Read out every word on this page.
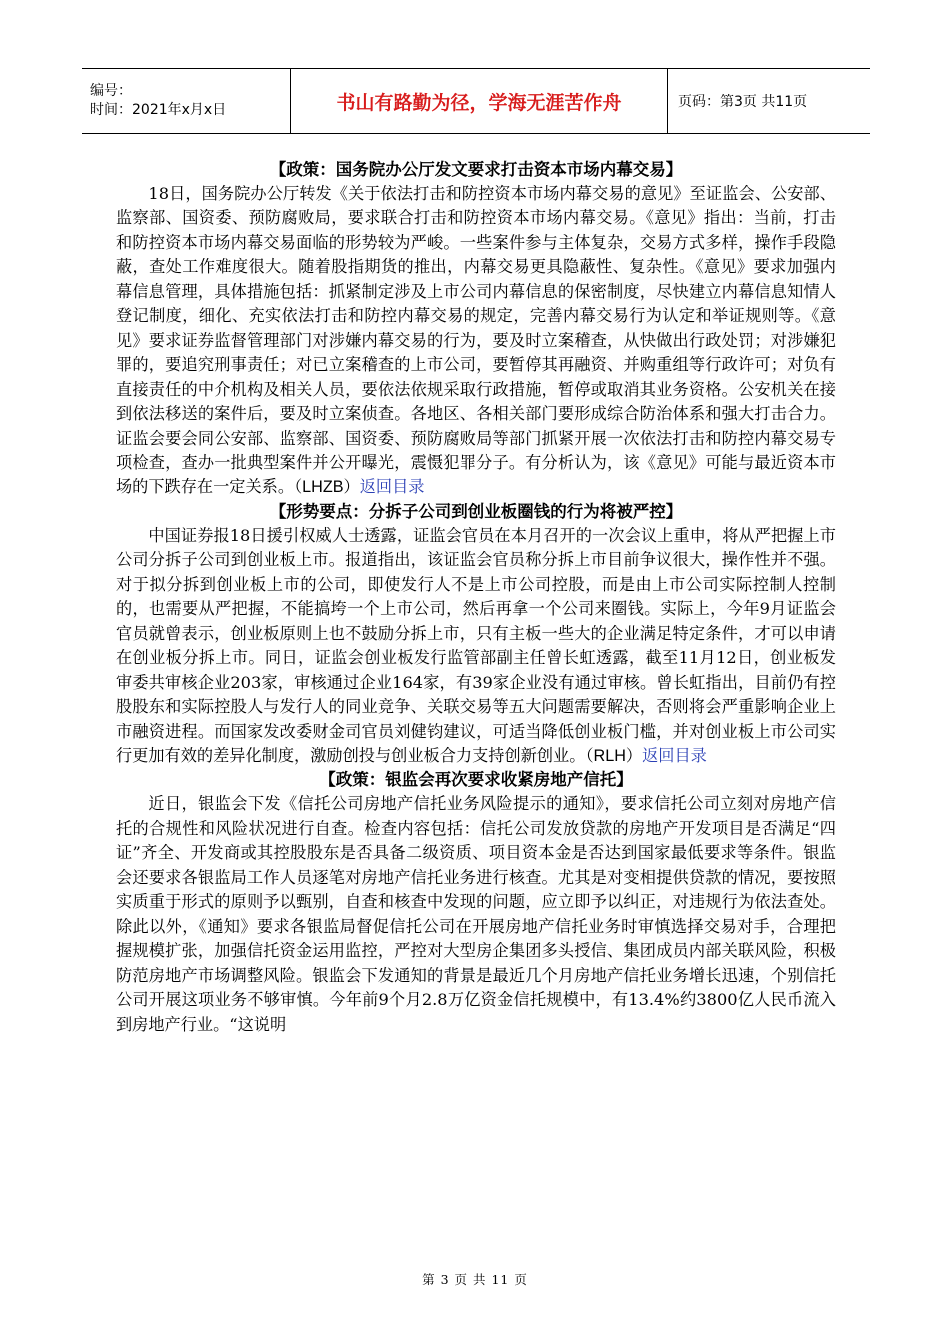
编号：
时间：2021年x月x日	书山有路勤为径，学海无涯苦作舟	页码：第3页 共11页
【政策：国务院办公厅发文要求打击资本市场内幕交易】

18日，国务院办公厅转发《关于依法打击和防控资本市场内幕交易的意见》至证监会、公安部、监察部、国资委、预防腐败局，要求联合打击和防控资本市场内幕交易。《意见》指出：当前，打击和防控资本市场内幕交易面临的形势较为严峻。一些案件参与主体复杂，交易方式多样，操作手段隐蔽，查处工作难度很大。随着股指期货的推出，内幕交易更具隐蔽性、复杂性。《意见》要求加强内幕信息管理，具体措施包括：抓紧制定涉及上市公司内幕信息的保密制度，尽快建立内幕信息知情人登记制度，细化、充实依法打击和防控内幕交易的规定，完善内幕交易行为认定和举证规则等。《意见》要求证券监督管理部门对涉嫌内幕交易的行为，要及时立案稽查，从快做出行政处罚；对涉嫌犯罪的，要追究刑事责任；对已立案稽查的上市公司，要暂停其再融资、并购重组等行政许可；对负有直接责任的中介机构及相关人员，要依法依规采取行政措施，暂停或取消其业务资格。公安机关在接到依法移送的案件后，要及时立案侦查。各地区、各相关部门要形成综合防治体系和强大打击合力。证监会要会同公安部、监察部、国资委、预防腐败局等部门抓紧开展一次依法打击和防控内幕交易专项检查，查办一批典型案件并公开曝光，震慑犯罪分子。有分析认为，该《意见》可能与最近资本市场的下跌存在一定关系。（LHZB）返回目录

【形势要点：分拆子公司到创业板圈钱的行为将被严控】

中国证券报18日援引权威人士透露，证监会官员在本月召开的一次会议上重申，将从严把握上市公司分拆子公司到创业板上市。报道指出，该证监会官员称分拆上市目前争议很大，操作性并不强。对于拟分拆到创业板上市的公司，即使发行人不是上市公司控股，而是由上市公司实际控制人控制的，也需要从严把握，不能搞垮一个上市公司，然后再拿一个公司来圈钱。实际上，今年9月证监会官员就曾表示，创业板原则上也不鼓励分拆上市，只有主板一些大的企业满足特定条件，才可以申请在创业板分拆上市。同日，证监会创业板发行监管部副主任曾长虹透露，截至11月12日，创业板发审委共审核企业203家，审核通过企业164家，有39家企业没有通过审核。曾长虹指出，目前仍有控股股东和实际控股人与发行人的同业竞争、关联交易等五大问题需要解决，否则将会严重影响企业上市融资进程。而国家发改委财金司官员刘健钧建议，可适当降低创业板门槛，并对创业板上市公司实行更加有效的差异化制度，激励创投与创业板合力支持创新创业。（RLH）返回目录

【政策：银监会再次要求收紧房地产信托】

近日，银监会下发《信托公司房地产信托业务风险提示的通知》，要求信托公司立刻对房地产信托的合规性和风险状况进行自查。检查内容包括：信托公司发放贷款的房地产开发项目是否满足“四证”齐全、开发商或其控股股东是否具备二级资质、项目资本金是否达到国家最低要求等条件。银监会还要求各银监局工作人员逐笔对房地产信托业务进行核查。尤其是对变相提供贷款的情况，要按照实质重于形式的原则予以甄别，自查和核查中发现的问题，应立即予以纠正，对违规行为依法查处。除此以外，《通知》要求各银监局督促信托公司在开展房地产信托业务时审慎选择交易对手，合理把握规模扩张，加强信托资金运用监控，严控对大型房企集团多头授信、集团成员内部关联风险，积极防范房地产市场调整风险。银监会下发通知的背景是最近几个月房地产信托业务增长迅速，个别信托公司开展这项业务不够审慎。今年前9个月2.8万亿资金信托规模中，有13.4%约3800亿人民币流入到房地产行业。“这说明

第 3 页 共 11 页
